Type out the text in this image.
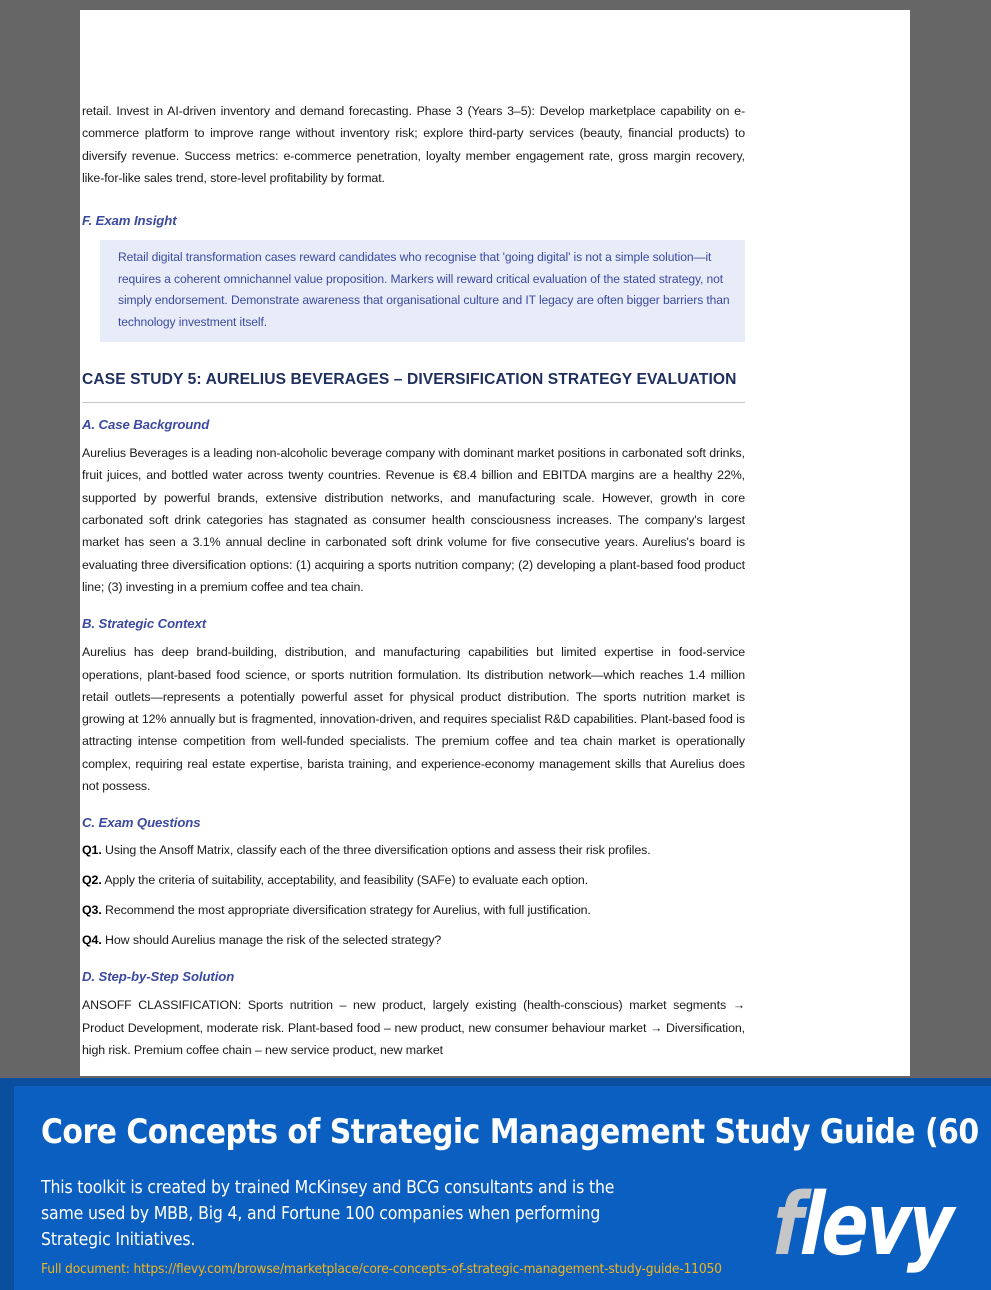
retail. Invest in AI-driven inventory and demand forecasting. Phase 3 (Years 3–5): Develop marketplace capability on e-commerce platform to improve range without inventory risk; explore third-party services (beauty, financial products) to diversify revenue. Success metrics: e-commerce penetration, loyalty member engagement rate, gross margin recovery, like-for-like sales trend, store-level profitability by format.

F. Exam Insight

Retail digital transformation cases reward candidates who recognise that 'going digital' is not a simple solution—it requires a coherent omnichannel value proposition. Markers will reward critical evaluation of the stated strategy, not simply endorsement. Demonstrate awareness that organisational culture and IT legacy are often bigger barriers than technology investment itself.

CASE STUDY 5: AURELIUS BEVERAGES – DIVERSIFICATION STRATEGY EVALUATION
A. Case Background

Aurelius Beverages is a leading non-alcoholic beverage company with dominant market positions in carbonated soft drinks, fruit juices, and bottled water across twenty countries. Revenue is €8.4 billion and EBITDA margins are a healthy 22%, supported by powerful brands, extensive distribution networks, and manufacturing scale. However, growth in core carbonated soft drink categories has stagnated as consumer health consciousness increases. The company's largest market has seen a 3.1% annual decline in carbonated soft drink volume for five consecutive years. Aurelius's board is evaluating three diversification options: (1) acquiring a sports nutrition company; (2) developing a plant-based food product line; (3) investing in a premium coffee and tea chain.

B. Strategic Context

Aurelius has deep brand-building, distribution, and manufacturing capabilities but limited expertise in food-service operations, plant-based food science, or sports nutrition formulation. Its distribution network—which reaches 1.4 million retail outlets—represents a potentially powerful asset for physical product distribution. The sports nutrition market is growing at 12% annually but is fragmented, innovation-driven, and requires specialist R&D capabilities. Plant-based food is attracting intense competition from well-funded specialists. The premium coffee and tea chain market is operationally complex, requiring real estate expertise, barista training, and experience-economy management skills that Aurelius does not possess.

C. Exam Questions
Q1. Using the Ansoff Matrix, classify each of the three diversification options and assess their risk profiles.
Q2. Apply the criteria of suitability, acceptability, and feasibility (SAFe) to evaluate each option.
Q3. Recommend the most appropriate diversification strategy for Aurelius, with full justification.
Q4. How should Aurelius manage the risk of the selected strategy?
D. Step-by-Step Solution

ANSOFF CLASSIFICATION: Sports nutrition – new product, largely existing (health-conscious) market segments → Product Development, moderate risk. Plant-based food – new product, new consumer behaviour market → Diversification, high risk. Premium coffee chain – new service product, new market

Core Concepts of Strategic Management Study Guide (60
This toolkit is created by trained McKinsey and BCG consultants and is the same used by MBB, Big 4, and Fortune 100 companies when performing Strategic Initiatives.
Full document: https://flevy.com/browse/marketplace/core-concepts-of-strategic-management-study-guide-11050 flevy
